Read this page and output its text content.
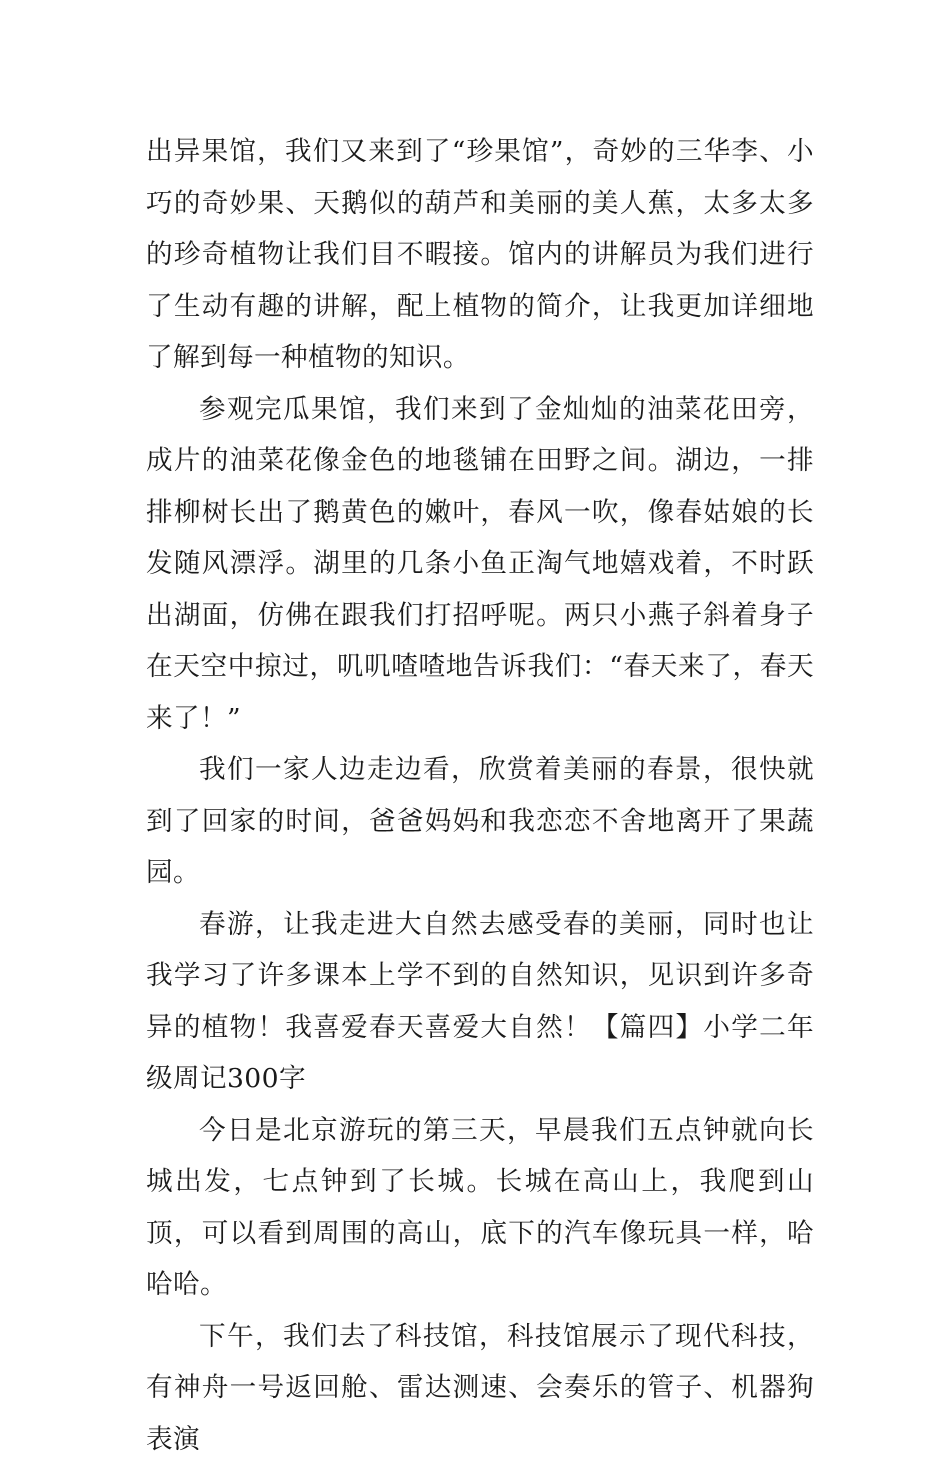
出异果馆，我们又来到了“珍果馆”，奇妙的三华李、小巧的奇妙果、天鹅似的葫芦和美丽的美人蕉，太多太多的珍奇植物让我们目不暇接。馆内的讲解员为我们进行了生动有趣的讲解，配上植物的简介，让我更加详细地了解到每一种植物的知识。

参观完瓜果馆，我们来到了金灿灿的油菜花田旁，成片的油菜花像金色的地毯铺在田野之间。湖边，一排排柳树长出了鹅黄色的嫩叶，春风一吹，像春姑娘的长发随风漂浮。湖里的几条小鱼正淘气地嬉戏着，不时跃出湖面，仿佛在跟我们打招呼呢。两只小燕子斜着身子在天空中掠过，叽叽喳喳地告诉我们：“春天来了，春天来了！”

我们一家人边走边看，欣赏着美丽的春景，很快就到了回家的时间，爸爸妈妈和我恋恋不舍地离开了果蔬园。

春游，让我走进大自然去感受春的美丽，同时也让我学习了许多课本上学不到的自然知识，见识到许多奇异的植物！我喜爱春天喜爱大自然！【篇四】小学二年级周记300字

今日是北京游玩的第三天，早晨我们五点钟就向长城出发，七点钟到了长城。长城在高山上，我爬到山顶，可以看到周围的高山，底下的汽车像玩具一样，哈哈哈。

下午，我们去了科技馆，科技馆展示了现代科技，有神舟一号返回舱、雷达测速、会奏乐的管子、机器狗表演
